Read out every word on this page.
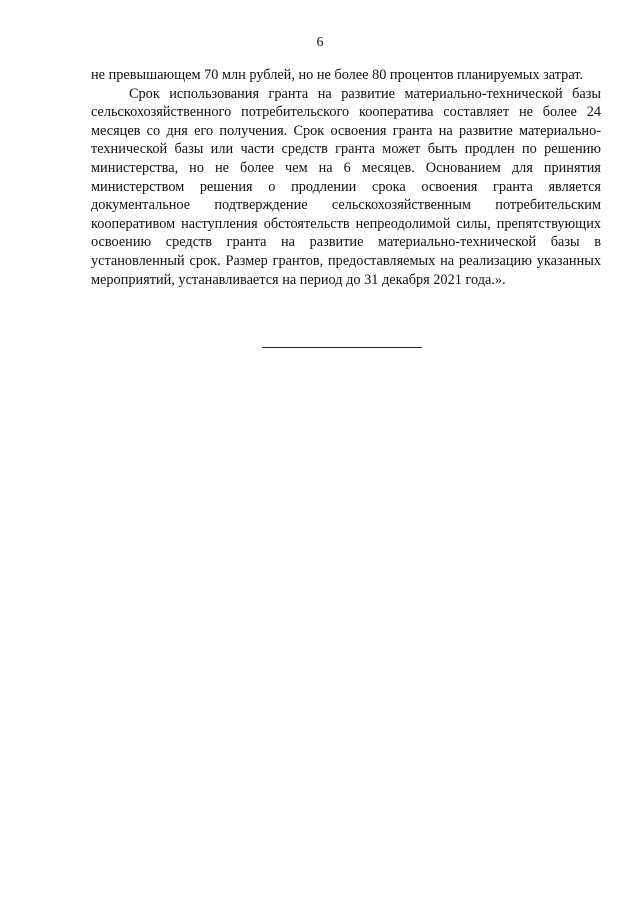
6

не превышающем 70 млн рублей, но не более 80 процентов планируемых затрат.

Срок использования гранта на развитие материально-технической базы сельскохозяйственного потребительского кооператива составляет не более 24 месяцев со дня его получения. Срок освоения гранта на развитие материально-технической базы или части средств гранта может быть продлен по решению министерства, но не более чем на 6 месяцев. Основанием для принятия министерством решения о продлении срока освоения гранта является документальное подтверждение сельскохозяйственным потребительским кооперативом наступления обстоятельств непреодолимой силы, препятствующих освоению средств гранта на развитие материально-технической базы в установленный срок. Размер грантов, предоставляемых на реализацию указанных мероприятий, устанавливается на период до 31 декабря 2021 года.».
